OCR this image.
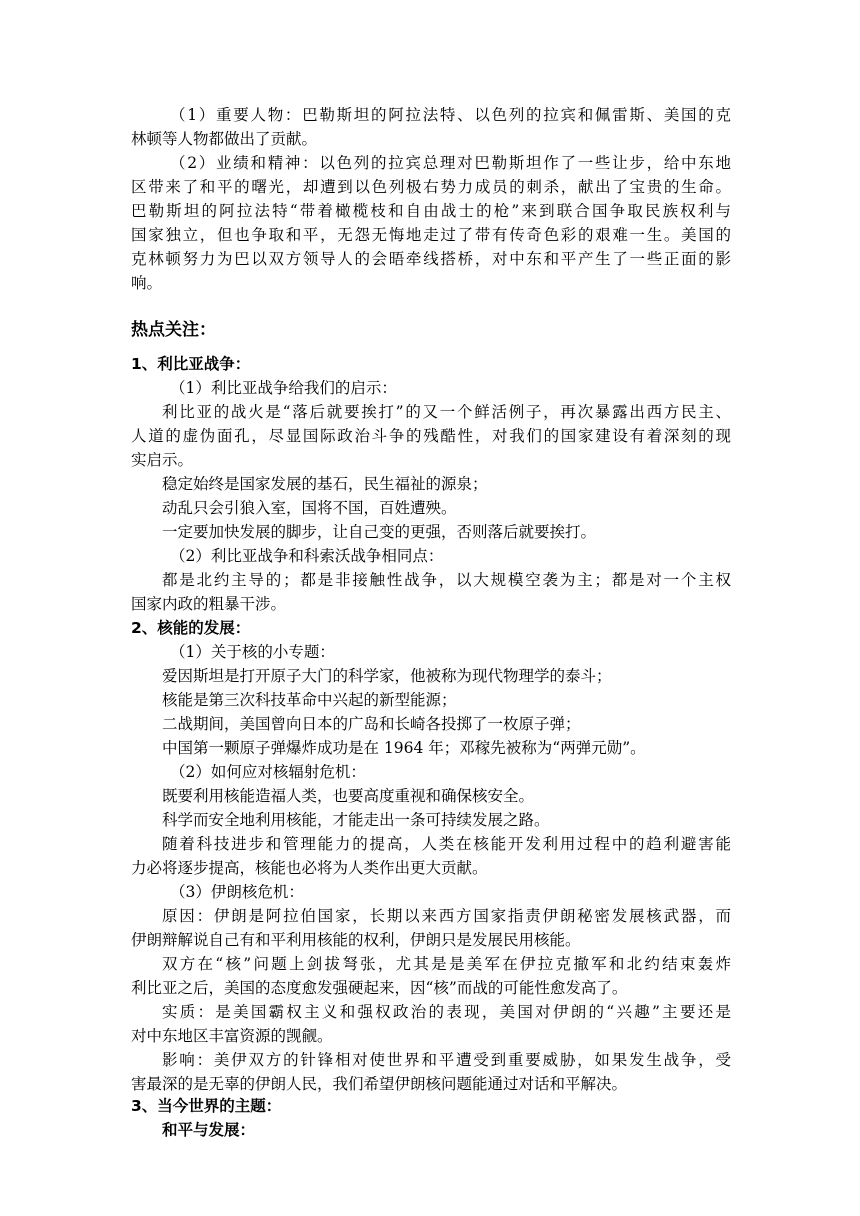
（1）重要人物：巴勒斯坦的阿拉法特、以色列的拉宾和佩雷斯、美国的克
林顿等人物都做出了贡献。
（2）业绩和精神：以色列的拉宾总理对巴勒斯坦作了一些让步，给中东地
区带来了和平的曙光，却遭到以色列极右势力成员的刺杀，献出了宝贵的生命。
巴勒斯坦的阿拉法特“带着橄榄枝和自由战士的枪”来到联合国争取民族权利与
国家独立，但也争取和平，无怨无悔地走过了带有传奇色彩的艰难一生。美国的
克林顿努力为巴以双方领导人的会晤牵线搭桥，对中东和平产生了一些正面的影
响。
热点关注：
1、利比亚战争：
（1）利比亚战争给我们的启示：
利比亚的战火是“落后就要挨打”的又一个鲜活例子，再次暴露出西方民主、
人道的虚伪面孔，尽显国际政治斗争的残酷性，对我们的国家建设有着深刻的现
实启示。
稳定始终是国家发展的基石，民生福祉的源泉；
动乱只会引狼入室，国将不国，百姓遭殃。
一定要加快发展的脚步，让自己变的更强，否则落后就要挨打。
（2）利比亚战争和科索沃战争相同点：
都是北约主导的；都是非接触性战争，以大规模空袭为主；都是对一个主权
国家内政的粗暴干涉。
2、核能的发展：
（1）关于核的小专题：
爱因斯坦是打开原子大门的科学家，他被称为现代物理学的泰斗；
核能是第三次科技革命中兴起的新型能源；
二战期间，美国曾向日本的广岛和长崎各投掷了一枚原子弹；
中国第一颗原子弹爆炸成功是在 1964 年；邓稼先被称为“两弹元勋”。
（2）如何应对核辐射危机：
既要利用核能造福人类，也要高度重视和确保核安全。
科学而安全地利用核能，才能走出一条可持续发展之路。
随着科技进步和管理能力的提高，人类在核能开发利用过程中的趋利避害能
力必将逐步提高，核能也必将为人类作出更大贡献。
（3）伊朗核危机：
原因：伊朗是阿拉伯国家，长期以来西方国家指责伊朗秘密发展核武器，而
伊朗辩解说自己有和平利用核能的权利，伊朗只是发展民用核能。
双方在“核”问题上剑拔弩张，尤其是是美军在伊拉克撤军和北约结束轰炸
利比亚之后，美国的态度愈发强硬起来，因“核”而战的可能性愈发高了。
实质：是美国霸权主义和强权政治的表现，美国对伊朗的“兴趣”主要还是
对中东地区丰富资源的觊觎。
影响：美伊双方的针锋相对使世界和平遭受到重要威胁，如果发生战争，受
害最深的是无辜的伊朗人民，我们希望伊朗核问题能通过对话和平解决。
3、当今世界的主题：
和平与发展：
